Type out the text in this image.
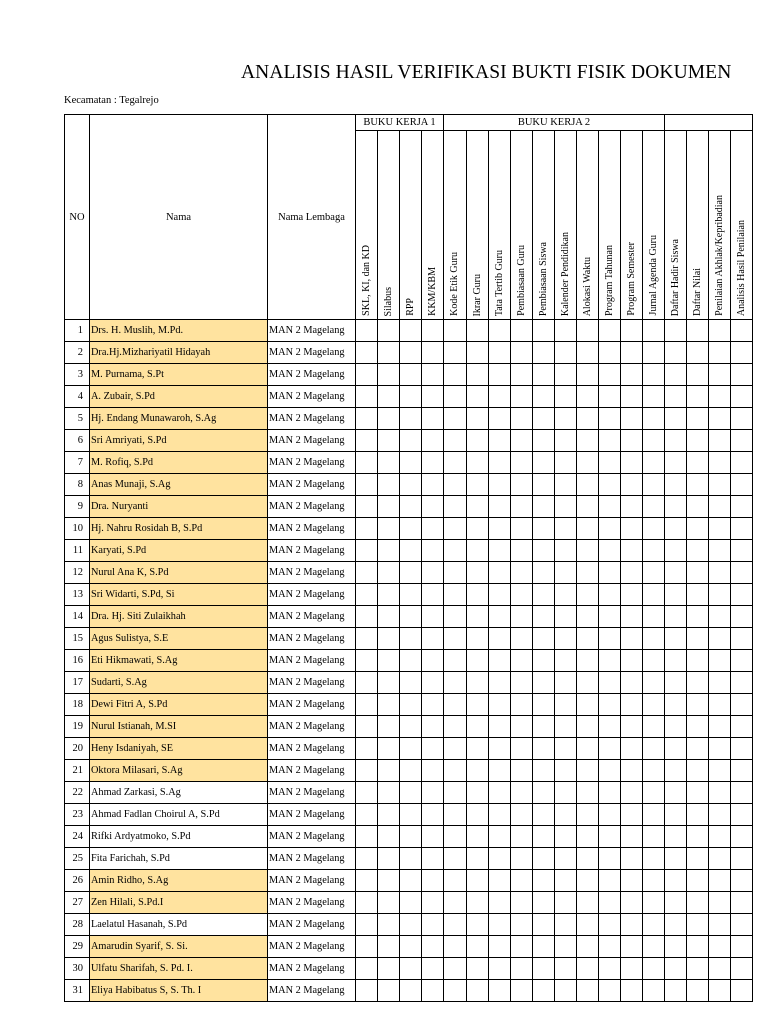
ANALISIS HASIL VERIFIKASI BUKTI FISIK DOKUMEN
Kecamatan : Tegalrejo
NO	Nama	Nama Lembaga	BUKU KERJA 1				BUKU KERJA 2													
			SKL, KI, dan KD	Silabus	RPP	KKM/KBM	Kode Etik Guru	Ikrar Guru	Tata Tertib Guru	Pembiasaan Guru	Pembiasaan Siswa	Kalender Pendidikan	Alokasi Waktu	Program Tahunan	Program Semester	Jurnal Agenda Guru	Daftar Hadir Siswa	Daftar Nilai	Penilaian Akhlak/Kepribadian	Analisis Hasil Penilaian
1	Drs. H. Muslih, M.Pd.	MAN 2 Magelang																		
2	Dra.Hj.Mizhariyatil Hidayah	MAN 2 Magelang																		
3	M. Purnama, S.Pt	MAN 2 Magelang																		
4	A. Zubair, S.Pd	MAN 2 Magelang																		
5	Hj. Endang Munawaroh, S.Ag	MAN 2 Magelang																		
6	Sri Amriyati, S.Pd	MAN 2 Magelang																		
7	M. Rofiq, S.Pd	MAN 2 Magelang																		
8	Anas Munaji, S.Ag	MAN 2 Magelang																		
9	Dra. Nuryanti	MAN 2 Magelang																		
10	Hj. Nahru Rosidah B, S.Pd	MAN 2 Magelang																		
11	Karyati, S.Pd	MAN 2 Magelang																		
12	Nurul Ana K, S.Pd	MAN 2 Magelang																		
13	Sri Widarti, S.Pd, Si	MAN 2 Magelang																		
14	Dra. Hj. Siti Zulaikhah	MAN 2 Magelang																		
15	Agus Sulistya, S.E	MAN 2 Magelang																		
16	Eti Hikmawati, S.Ag	MAN 2 Magelang																		
17	Sudarti, S.Ag	MAN 2 Magelang																		
18	Dewi Fitri A, S.Pd	MAN 2 Magelang																		
19	Nurul Istianah, M.SI	MAN 2 Magelang																		
20	Heny Isdaniyah, SE	MAN 2 Magelang																		
21	Oktora Milasari, S.Ag	MAN 2 Magelang																		
22	Ahmad Zarkasi, S.Ag	MAN 2 Magelang																		
23	Ahmad Fadlan Choirul A, S.Pd	MAN 2 Magelang																		
24	Rifki Ardyatmoko, S.Pd	MAN 2 Magelang																		
25	Fita Farichah, S.Pd	MAN 2 Magelang																		
26	Amin Ridho, S.Ag	MAN 2 Magelang																		
27	Zen Hilali, S.Pd.I	MAN 2 Magelang																		
28	Laelatul Hasanah, S.Pd	MAN 2 Magelang																		
29	Amarudin Syarif, S. Si.	MAN 2 Magelang																		
30	Ulfatu Sharifah, S. Pd. I.	MAN 2 Magelang																		
31	Eliya Habibatus S, S. Th. I	MAN 2 Magelang																		
